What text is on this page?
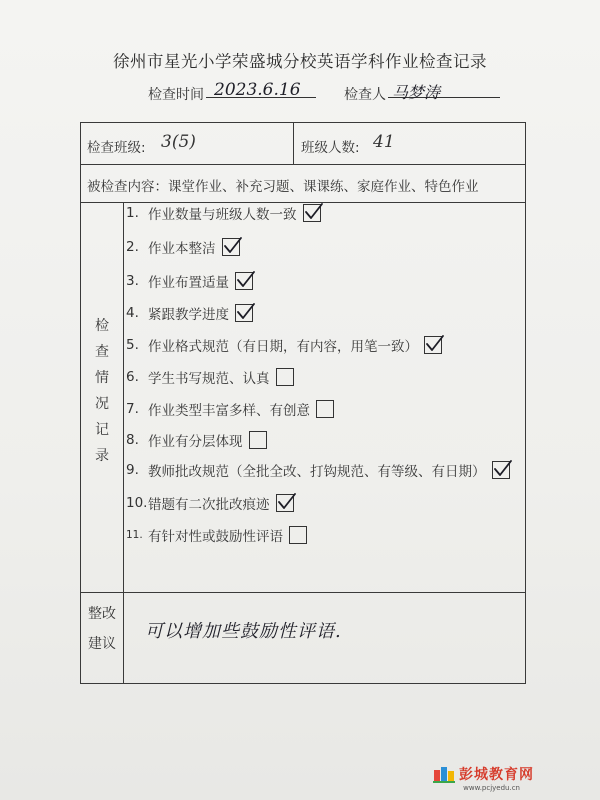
徐州市星光小学荣盛城分校英语学科作业检查记录
检查时间 2023.6.16	检查人 马梦涛
检查班级: 3(5)	班级人数: 41
被检查内容：课堂作业、补充习题、课课练、家庭作业、特色作业
检
查
情
况
记
录
1. 作业数量与班级人数一致
2. 作业本整洁
3. 作业布置适量
4. 紧跟教学进度
5. 作业格式规范（有日期，有内容，用笔一致）
6. 学生书写规范、认真
7. 作业类型丰富多样、有创意
8. 作业有分层体现
9. 教师批改规范（全批全改、打钩规范、有等级、有日期）
10. 错题有二次批改痕迹
11. 有针对性或鼓励性评语
整改
建议
可以增加些鼓励性评语.
彭城教育网
www.pcjyedu.cn
